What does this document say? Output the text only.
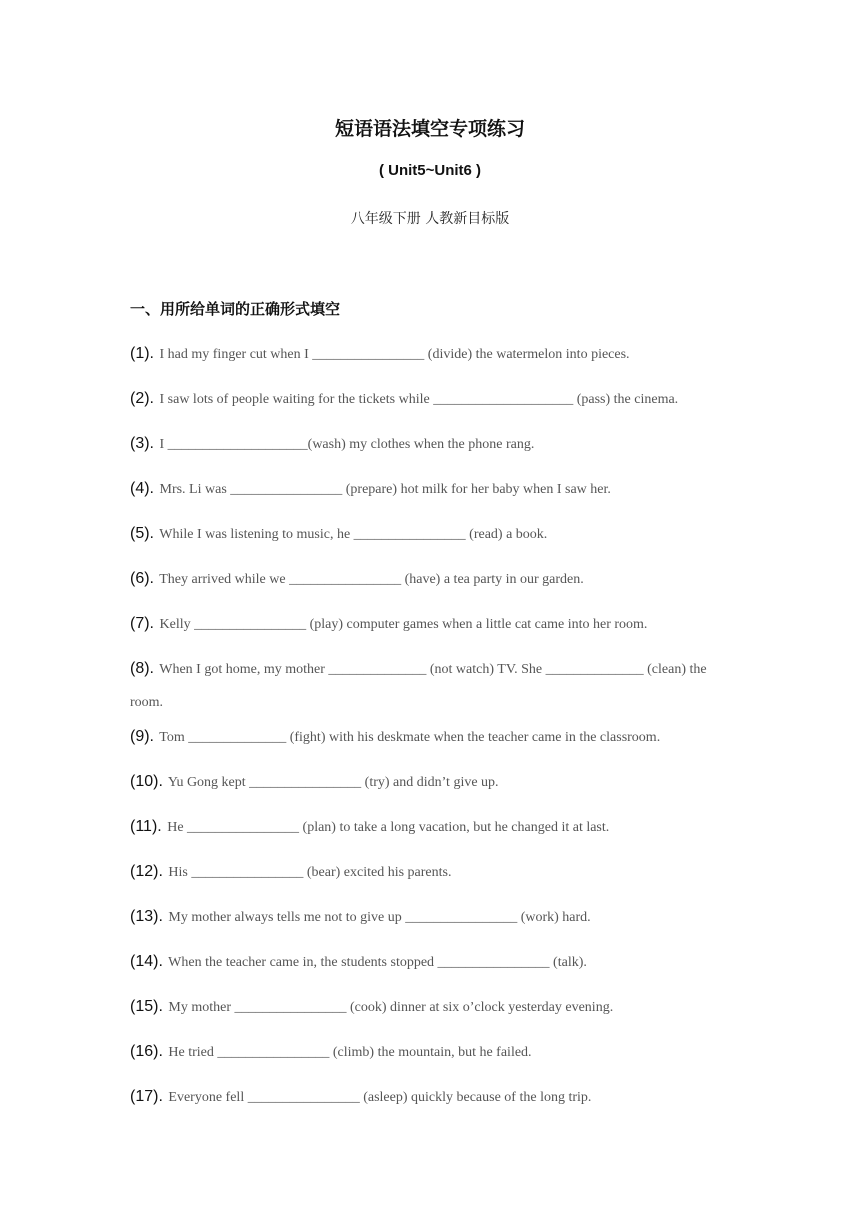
短语语法填空专项练习
( Unit5~Unit6 )
八年级下册 人教新目标版
一、用所给单词的正确形式填空
(1). I had my finger cut when I ________________ (divide) the watermelon into pieces.
(2). I saw lots of people waiting for the tickets while ____________________ (pass) the cinema.
(3). I ____________________(wash) my clothes when the phone rang.
(4). Mrs. Li was ________________ (prepare) hot milk for her baby when I saw her.
(5). While I was listening to music, he ________________ (read) a book.
(6). They arrived while we ________________ (have) a tea party in our garden.
(7). Kelly ________________ (play) computer games when a little cat came into her room.
(8). When I got home, my mother ______________ (not watch) TV. She ______________ (clean) the room.
(9). Tom ______________ (fight) with his deskmate when the teacher came in the classroom.
(10). Yu Gong kept ________________ (try) and didn’t give up.
(11). He ________________ (plan) to take a long vacation, but he changed it at last.
(12). His ________________ (bear) excited his parents.
(13). My mother always tells me not to give up ________________ (work) hard.
(14). When the teacher came in, the students stopped ________________ (talk).
(15). My mother ________________ (cook) dinner at six o’clock yesterday evening.
(16). He tried ________________ (climb) the mountain, but he failed.
(17). Everyone fell ________________ (asleep) quickly because of the long trip.
